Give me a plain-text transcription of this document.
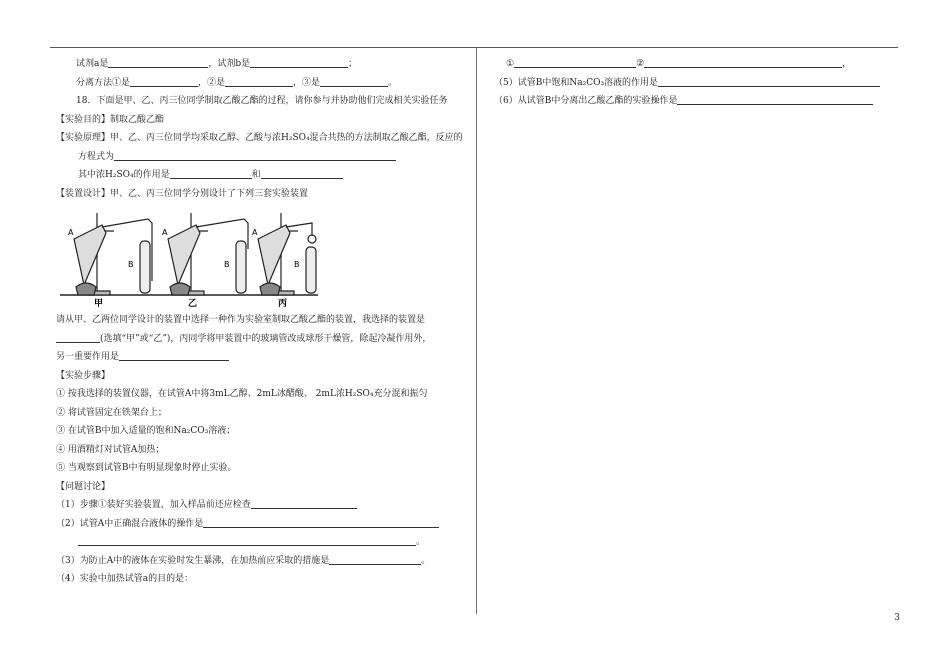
试剂a是	，试剂b是	；
分离方法①是	，②是	，③是	。
18．下面是甲、乙、丙三位同学制取乙酸乙酯的过程，请你参与并协助他们完成相关实验任务
【实验目的】制取乙酸乙酯
【实验原理】甲、乙、丙三位同学均采取乙醇、乙酸与浓H₂SO₄混合共热的方法制取乙酸乙酯，反应的
方程式为
其中浓H₂SO₄的作用是	和
【装置设计】甲、乙、丙三位同学分别设计了下列三套实验装置
A
B
A
B
A
B
甲	乙	丙
请从甲、乙两位同学设计的装置中选择一种作为实验室制取乙酸乙酯的装置，我选择的装置是
(选填“甲”或“乙”)，丙同学将甲装置中的玻璃管改成球形干燥管，除起冷凝作用外，
另一重要作用是
【实验步骤】
① 按我选择的装置仪器，在试管A中将3mL乙醇、2mL冰醋酸、 2mL浓H₂SO₄充分混和振匀
② 将试管固定在铁架台上；
③ 在试管B中加入适量的饱和Na₂CO₃溶液；
④ 用酒精灯对试管A加热；
⑤ 当观察到试管B中有明显现象时停止实验。
【问题讨论】
（1）步骤①装好实验装置，加入样品前还应检查
（2）试管A中正确混合液体的操作是
。
（3）为防止A中的液体在实验时发生暴沸，在加热前应采取的措施是	。
（4）实验中加热试管a的目的是：
①	②	，
（5）试管B中饱和Na₂CO₃溶液的作用是
（6）从试管B中分离出乙酸乙酯的实验操作是
3
